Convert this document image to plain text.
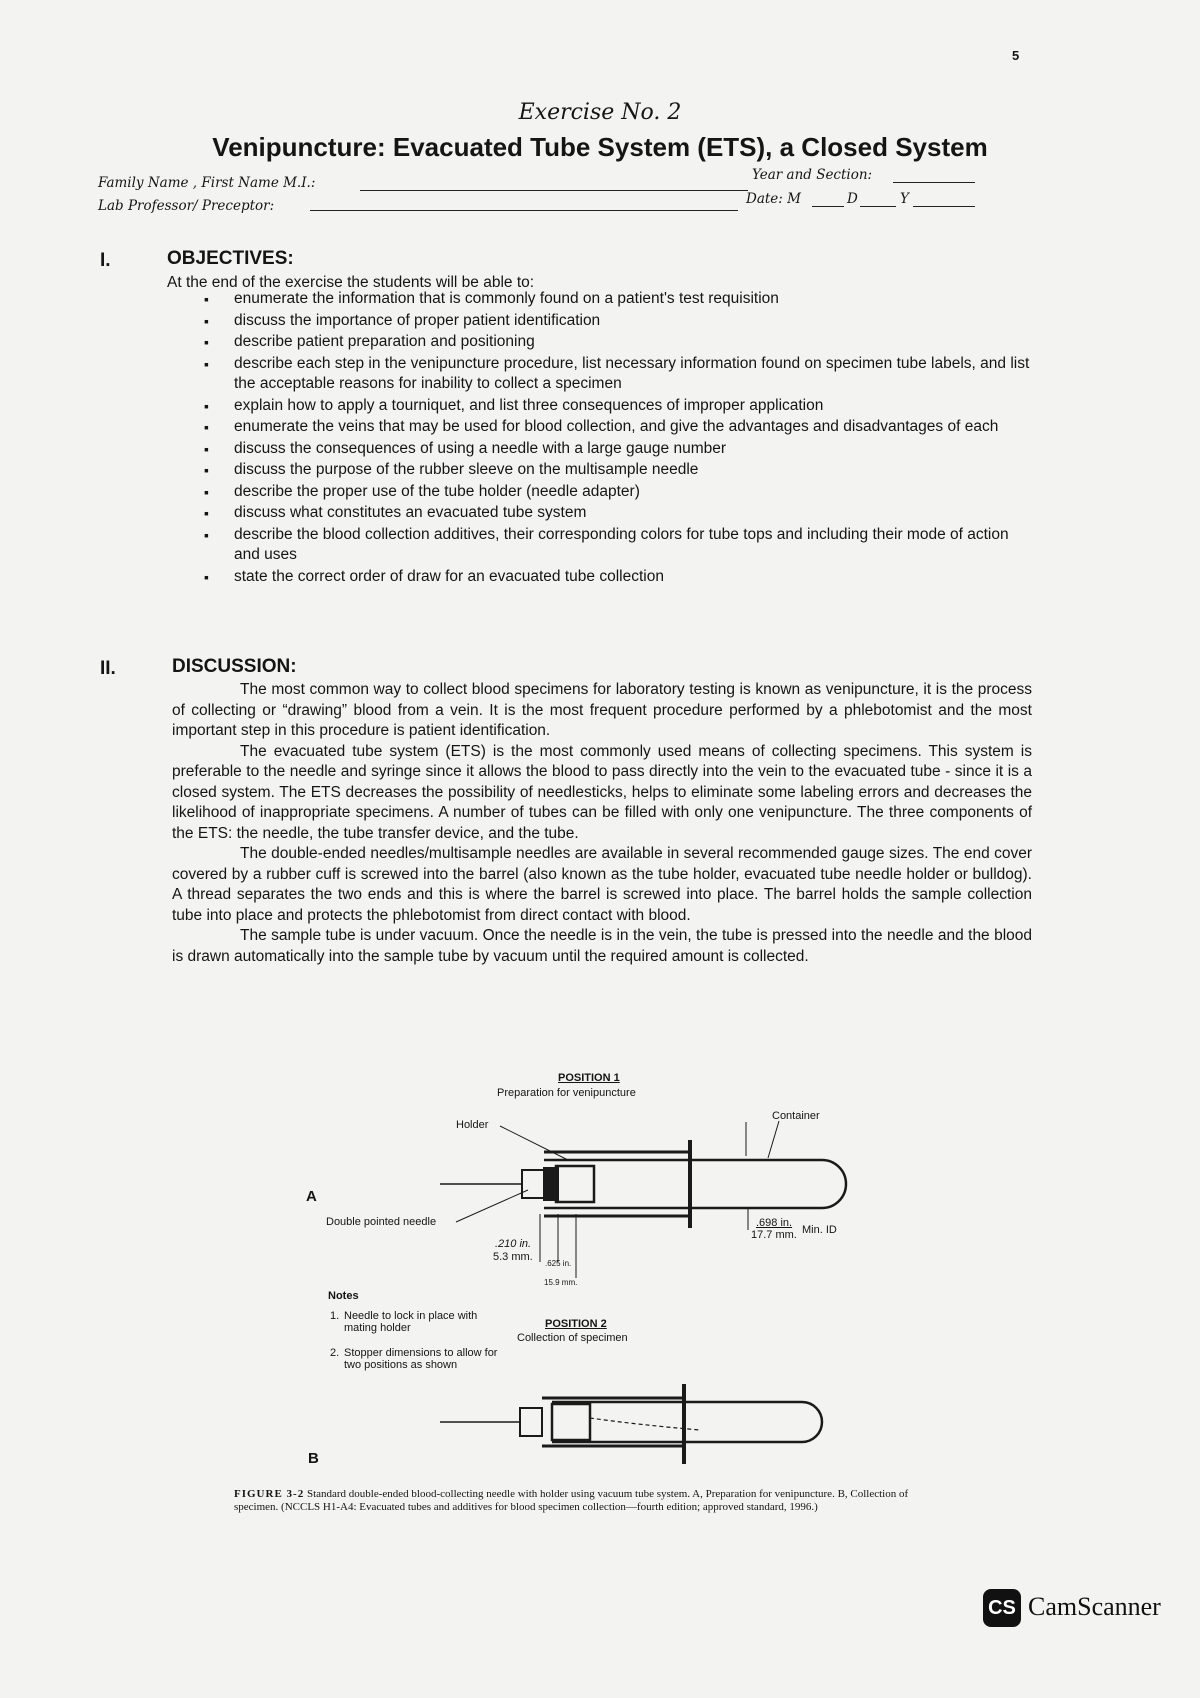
5
Exercise No. 2
Venipuncture: Evacuated Tube System (ETS), a Closed System
Family Name , First Name M.I.:	Year and Section:
Lab Professor/ Preceptor:	Date: M	D	Y
I.	OBJECTIVES:
At the end of the exercise the students will be able to:
▪ enumerate the information that is commonly found on a patient's test requisition
▪ discuss the importance of proper patient identification
▪ describe patient preparation and positioning
▪ describe each step in the venipuncture procedure, list necessary information found on specimen tube labels, and list the acceptable reasons for inability to collect a specimen
▪ explain how to apply a tourniquet, and list three consequences of improper application
▪ enumerate the veins that may be used for blood collection, and give the advantages and disadvantages of each
▪ discuss the consequences of using a needle with a large gauge number
▪ discuss the purpose of the rubber sleeve on the multisample needle
▪ describe the proper use of the tube holder (needle adapter)
▪ discuss what constitutes an evacuated tube system
▪ describe the blood collection additives, their corresponding colors for tube tops and including their mode of action and uses
▪ state the correct order of draw for an evacuated tube collection
II.	DISCUSSION:

The most common way to collect blood specimens for laboratory testing is known as venipuncture, it is the process of collecting or “drawing” blood from a vein. It is the most frequent procedure performed by a phlebotomist and the most important step in this procedure is patient identification.

The evacuated tube system (ETS) is the most commonly used means of collecting specimens. This system is preferable to the needle and syringe since it allows the blood to pass directly into the vein to the evacuated tube - since it is a closed system. The ETS decreases the possibility of needlesticks, helps to eliminate some labeling errors and decreases the likelihood of inappropriate specimens. A number of tubes can be filled with only one venipuncture. The three components of the ETS: the needle, the tube transfer device, and the tube.

The double-ended needles/multisample needles are available in several recommended gauge sizes. The end cover covered by a rubber cuff is screwed into the barrel (also known as the tube holder, evacuated tube needle holder or bulldog). A thread separates the two ends and this is where the barrel is screwed into place. The barrel holds the sample collection tube into place and protects the phlebotomist from direct contact with blood.

The sample tube is under vacuum. Once the needle is in the vein, the tube is pressed into the needle and the blood is drawn automatically into the sample tube by vacuum until the required amount is collected.

POSITION 1
Preparation for venipuncture
Holder
Container
A
Double pointed needle
.210 in.
5.3 mm.
.625 in.
15.9 mm.
.698 in.
17.7 mm. Min. ID
Notes
1. Needle to lock in place with mating holder
2. Stopper dimensions to allow for two positions as shown
POSITION 2
Collection of specimen
B
FIGURE 3-2 Standard double-ended blood-collecting needle with holder using vacuum tube system. A, Preparation for venipuncture. B, Collection of specimen. (NCCLS H1-A4: Evacuated tubes and additives for blood specimen collection—fourth edition; approved standard, 1996.)
CS CamScanner
